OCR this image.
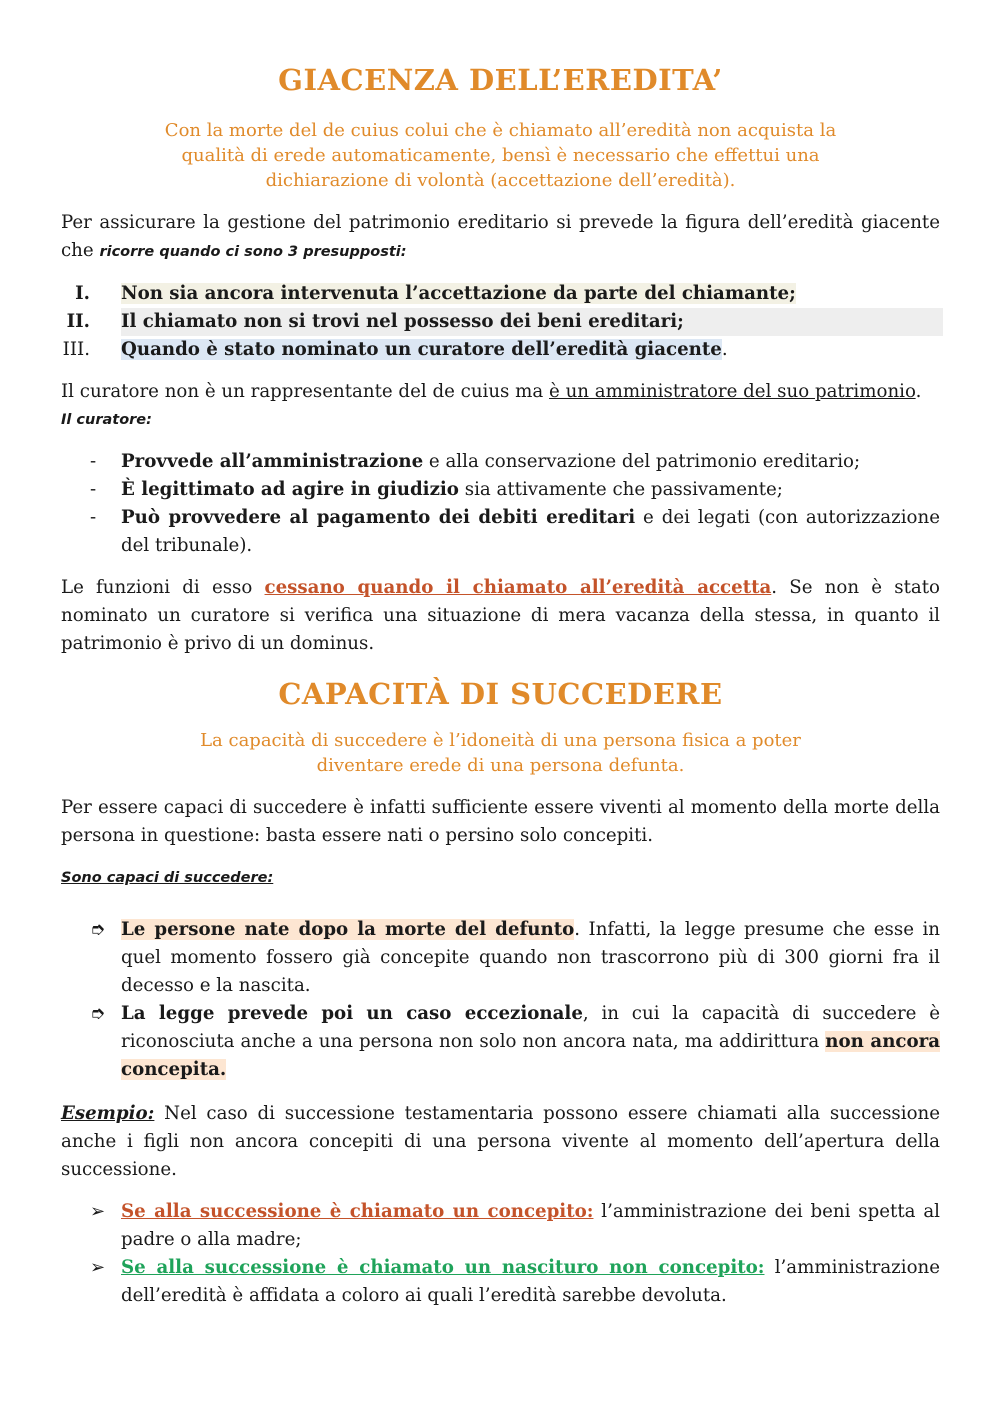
GIACENZA DELL’EREDITA’
Con la morte del de cuius colui che è chiamato all’eredità non acquista la qualità di erede automaticamente, bensì è necessario che effettui una dichiarazione di volontà (accettazione dell’eredità).

Per assicurare la gestione del patrimonio ereditario si prevede la figura dell’eredità giacente che ricorre quando ci sono 3 presupposti:

I.	Non sia ancora intervenuta l’accettazione da parte del chiamante;
II.	Il chiamato non si trovi nel possesso dei beni ereditari;
III.	Quando è stato nominato un curatore dell’eredità giacente.

Il curatore non è un rappresentante del de cuius ma è un amministratore del suo patrimonio.

Il curatore:
-	Provvede all’amministrazione e alla conservazione del patrimonio ereditario;
-	È legittimato ad agire in giudizio sia attivamente che passivamente;
-	Può provvedere al pagamento dei debiti ereditari e dei legati (con autorizzazione del tribunale).

Le funzioni di esso cessano quando il chiamato all’eredità accetta. Se non è stato nominato un curatore si verifica una situazione di mera vacanza della stessa, in quanto il patrimonio è privo di un dominus.

CAPACITÀ DI SUCCEDERE
La capacità di succedere è l’idoneità di una persona fisica a poter diventare erede di una persona defunta.

Per essere capaci di succedere è infatti sufficiente essere viventi al momento della morte della persona in questione: basta essere nati o persino solo concepiti.

Sono capaci di succedere:
➮ Le persone nate dopo la morte del defunto. Infatti, la legge presume che esse in quel momento fossero già concepite quando non trascorrono più di 300 giorni fra il decesso e la nascita.
➮ La legge prevede poi un caso eccezionale, in cui la capacità di succedere è riconosciuta anche a una persona non solo non ancora nata, ma addirittura non ancora concepita.

Esempio: Nel caso di successione testamentaria possono essere chiamati alla successione anche i figli non ancora concepiti di una persona vivente al momento dell’apertura della successione.

➢ Se alla successione è chiamato un concepito: l’amministrazione dei beni spetta al padre o alla madre;
➢ Se alla successione è chiamato un nascituro non concepito: l’amministrazione dell’eredità è affidata a coloro ai quali l’eredità sarebbe devoluta.
